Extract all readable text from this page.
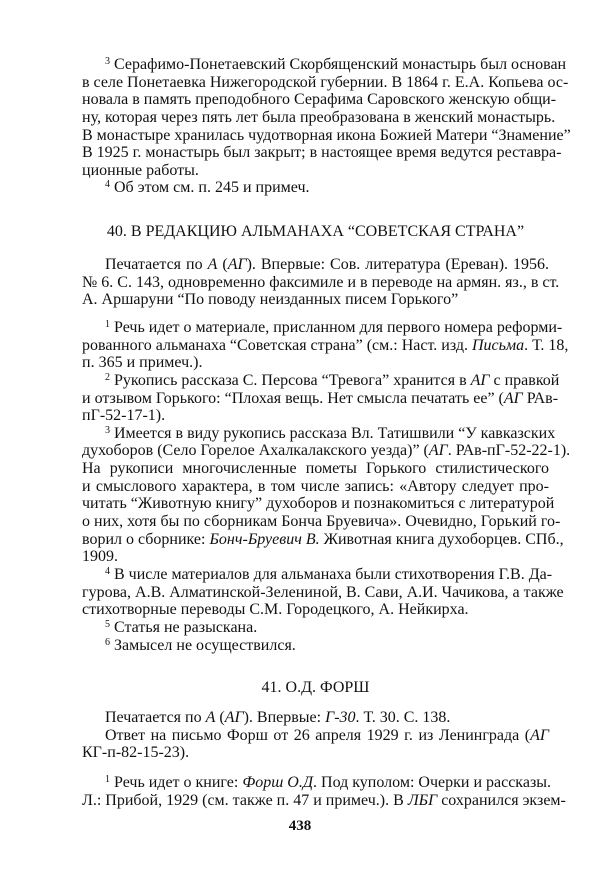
$^3$ Серафимо-Понетаевский Скорбященский монастырь был основан
в селе Понетаевка Нижегородской губернии. В 1864 г. Е.А. Копьева ос-
новала в память преподобного Серафима Саровского женскую общи-
ну, которая через пять лет была преобразована в женский монастырь.
В монастыре хранилась чудотворная икона Божией Матери “Знамение”
В 1925 г. монастырь был закрыт; в настоящее время ведутся реставра-
ционные работы.
$^4$ Об этом см. п. 245 и примеч.
40. В РЕДАКЦИЮ АЛЬМАНАХА “СОВЕТСКАЯ СТРАНА”
Печатается по А (АГ). Впервые: Сов. литература (Ереван). 1956.
№ 6. С. 143, одновременно факсимиле и в переводе на армян. яз., в ст.
А. Аршаруни “По поводу неизданных писем Горького”
$^1$ Речь идет о материале, присланном для первого номера реформи-
рованного альманаха “Советская страна” (см.: Наст. изд. Письма. Т. 18,
п. 365 и примеч.).
$^2$ Рукопись рассказа С. Персова “Тревога” хранится в АГ с правкой
и отзывом Горького: “Плохая вещь. Нет смысла печатать ее” (АГ РАв-
пГ-52-17-1).
$^3$ Имеется в виду рукопись рассказа Вл. Татишвили “У кавказских
духоборов (Село Горелое Ахалкалакского уезда)” (АГ. РАв-пГ-52-22-1).
На рукописи многочисленные пометы Горького стилистического
и смыслового характера, в том числе запись: «Автору следует про-
читать “Животную книгу” духоборов и познакомиться с литературой
о них, хотя бы по сборникам Бонча Бруевича». Очевидно, Горький го-
ворил о сборнике: Бонч-Бруевич В. Животная книга духоборцев. СПб.,
1909.
$^4$ В числе материалов для альманаха были стихотворения Г.В. Да-
гурова, А.В. Алматинской-Зелениной, В. Сави, А.И. Чачикова, а также
стихотворные переводы С.М. Городецкого, А. Нейкирха.
$^5$ Статья не разыскана.
$^6$ Замысел не осуществился.
41. О.Д. ФОРШ
Печатается по А (АГ). Впервые: Г-30. Т. 30. С. 138.
Ответ на письмо Форш от 26 апреля 1929 г. из Ленинграда (АГ
КГ-п-82-15-23).
$^1$ Речь идет о книге: Форш О.Д. Под куполом: Очерки и рассказы.
Л.: Прибой, 1929 (см. также п. 47 и примеч.). В ЛБГ сохранился экзем-
438
